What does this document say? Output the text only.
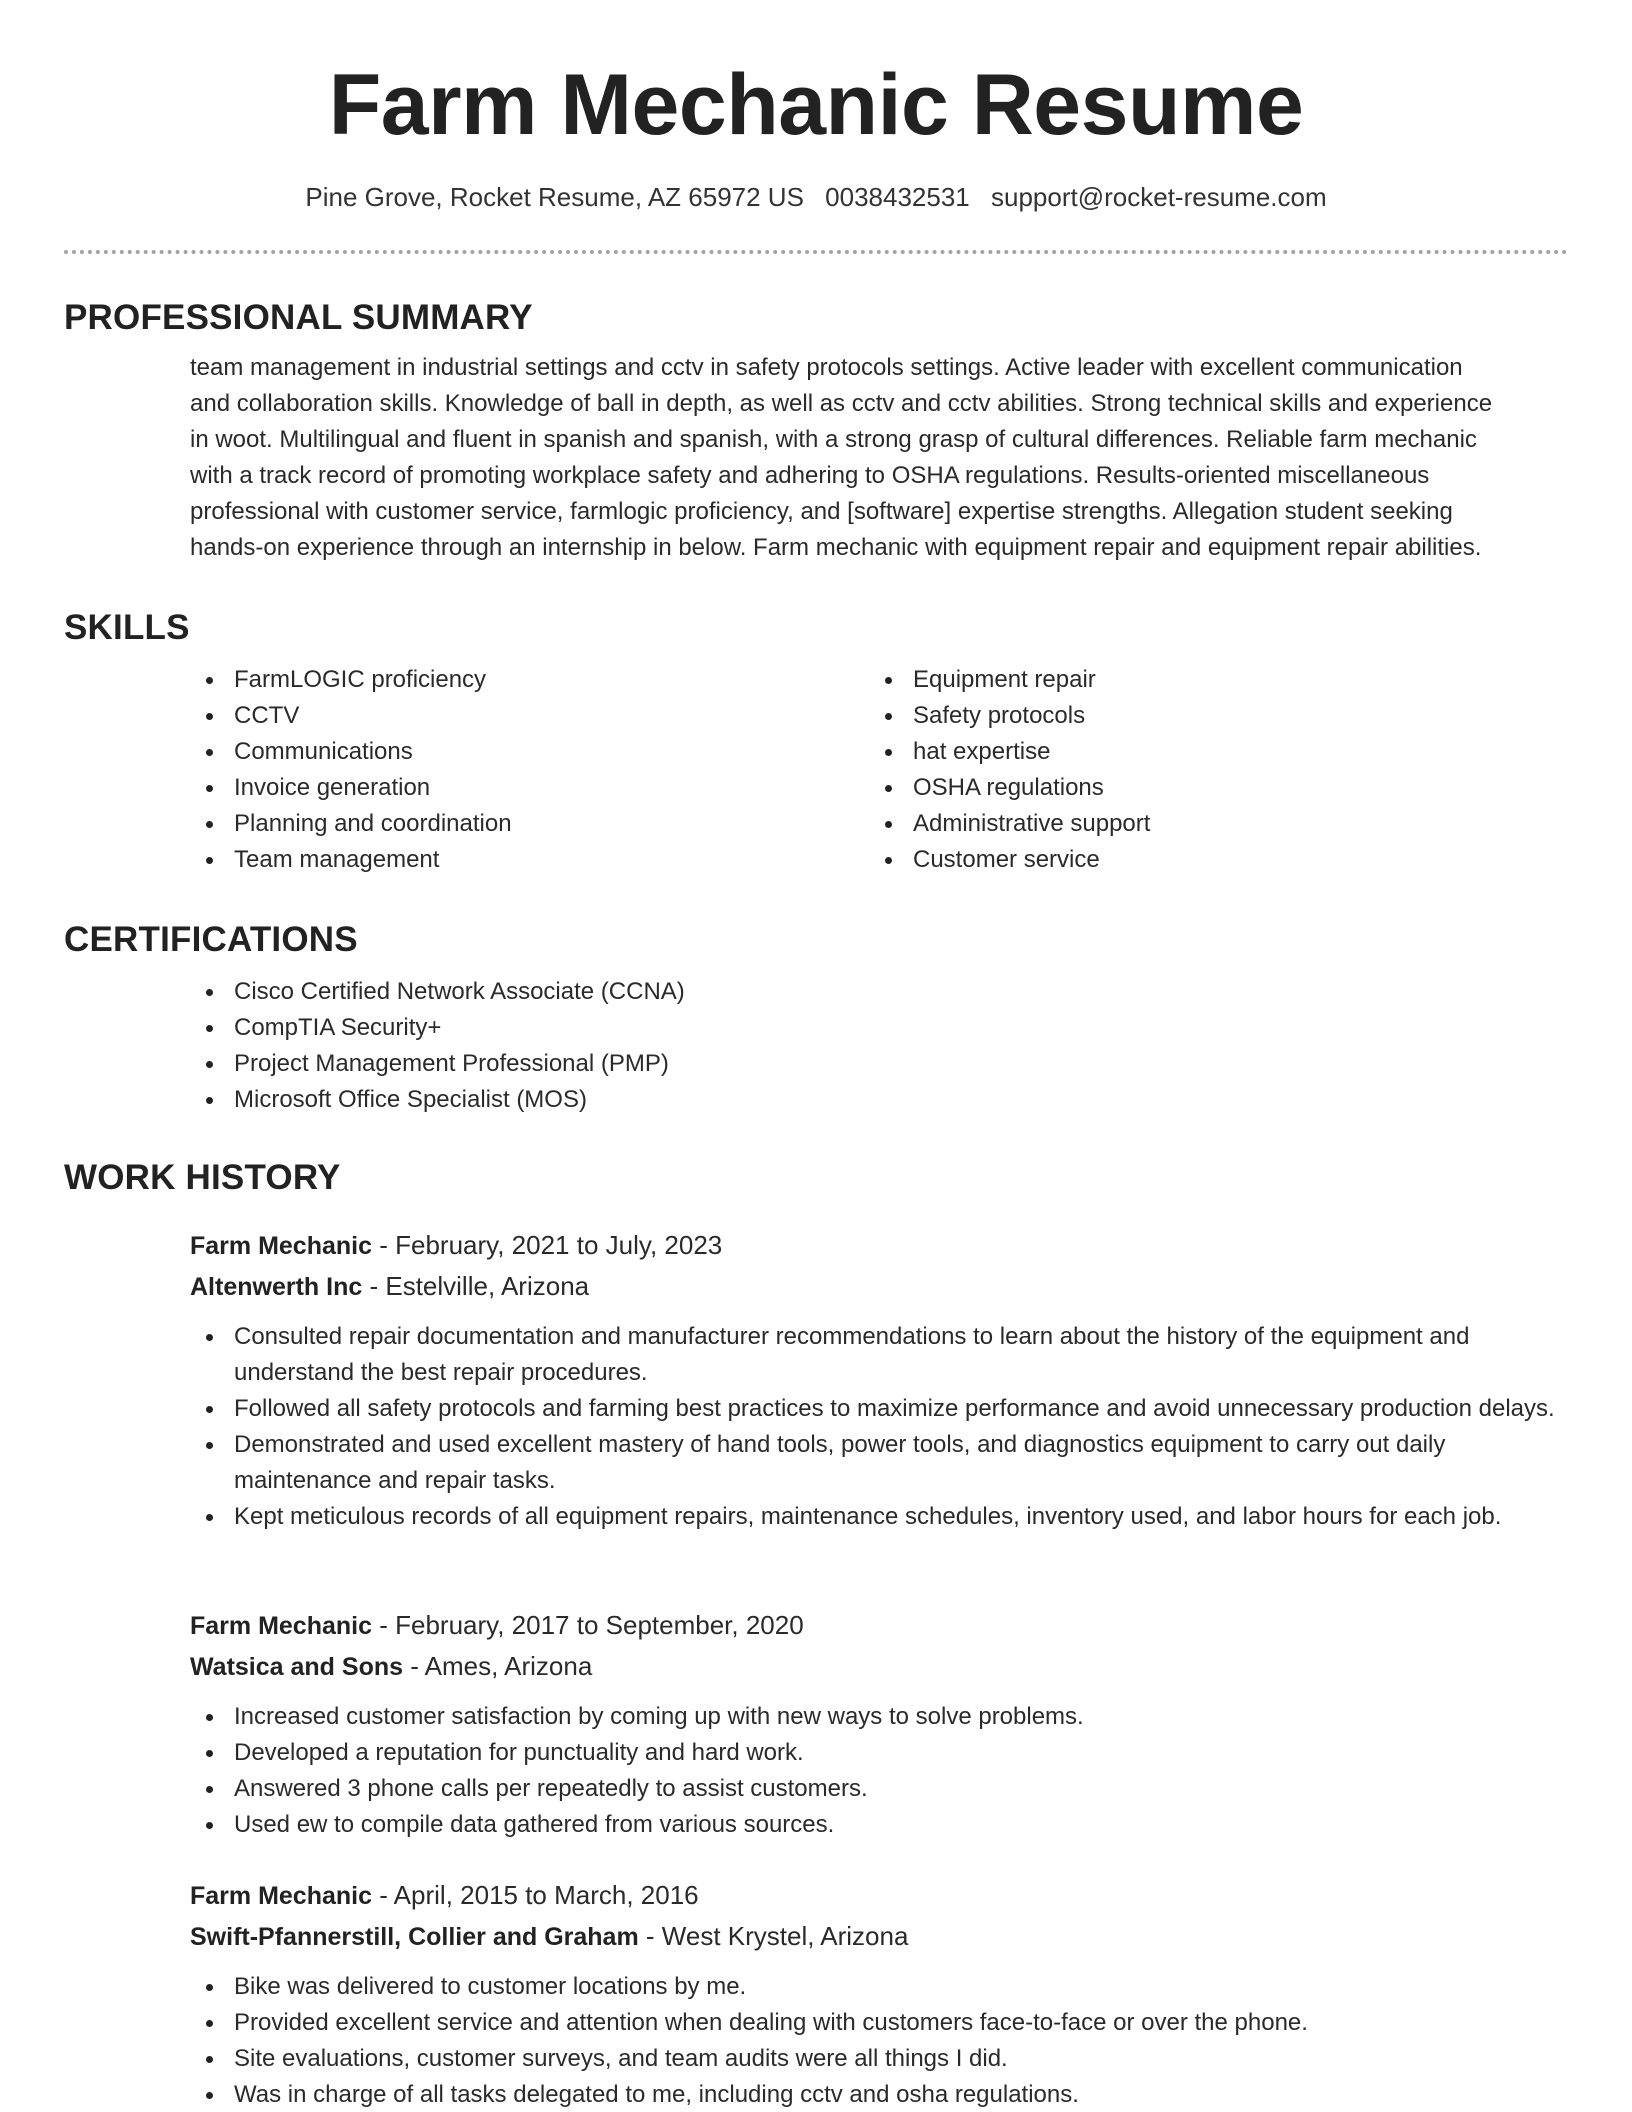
Farm Mechanic Resume
Pine Grove, Rocket Resume, AZ 65972 US 0038432531 support@rocket-resume.com
PROFESSIONAL SUMMARY
team management in industrial settings and cctv in safety protocols settings. Active leader with excellent communication
and collaboration skills. Knowledge of ball in depth, as well as cctv and cctv abilities. Strong technical skills and experience
in woot. Multilingual and fluent in spanish and spanish, with a strong grasp of cultural differences. Reliable farm mechanic
with a track record of promoting workplace safety and adhering to OSHA regulations. Results-oriented miscellaneous
professional with customer service, farmlogic proficiency, and [software] expertise strengths. Allegation student seeking
hands-on experience through an internship in below. Farm mechanic with equipment repair and equipment repair abilities.
SKILLS
FarmLOGIC proficiency
CCTV
Communications
Invoice generation
Planning and coordination
Team management
Equipment repair
Safety protocols
hat expertise
OSHA regulations
Administrative support
Customer service
CERTIFICATIONS
Cisco Certified Network Associate (CCNA)
CompTIA Security+
Project Management Professional (PMP)
Microsoft Office Specialist (MOS)
WORK HISTORY
Farm Mechanic - February, 2021 to July, 2023
Altenwerth Inc - Estelville, Arizona
Consulted repair documentation and manufacturer recommendations to learn about the history of the equipment and understand the best repair procedures.
Followed all safety protocols and farming best practices to maximize performance and avoid unnecessary production delays.
Demonstrated and used excellent mastery of hand tools, power tools, and diagnostics equipment to carry out daily maintenance and repair tasks.
Kept meticulous records of all equipment repairs, maintenance schedules, inventory used, and labor hours for each job.
Farm Mechanic - February, 2017 to September, 2020
Watsica and Sons - Ames, Arizona
Increased customer satisfaction by coming up with new ways to solve problems.
Developed a reputation for punctuality and hard work.
Answered 3 phone calls per repeatedly to assist customers.
Used ew to compile data gathered from various sources.
Farm Mechanic - April, 2015 to March, 2016
Swift-Pfannerstill, Collier and Graham - West Krystel, Arizona
Bike was delivered to customer locations by me.
Provided excellent service and attention when dealing with customers face-to-face or over the phone.
Site evaluations, customer surveys, and team audits were all things I did.
Was in charge of all tasks delegated to me, including cctv and osha regulations.
